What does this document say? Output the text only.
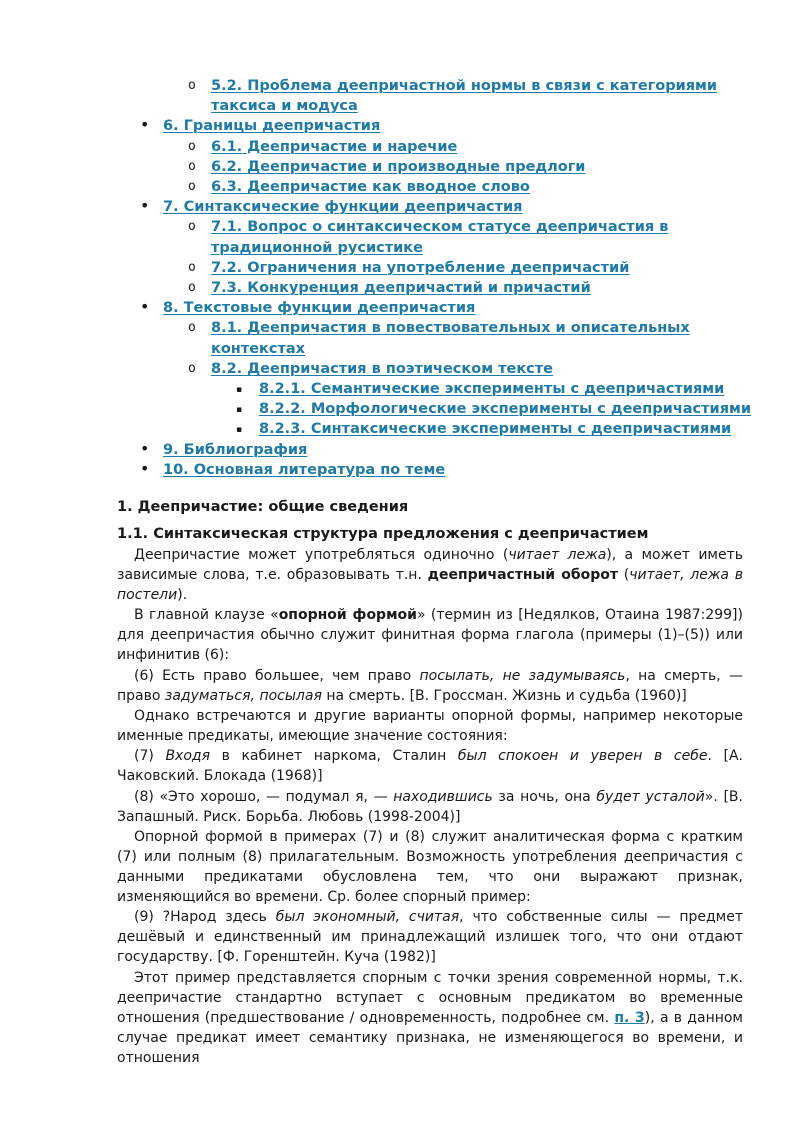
o 5.2. Проблема деепричастной нормы в связи с категориями
таксиса и модуса
• 6. Границы деепричастия
o 6.1. Деепричастие и наречие
o 6.2. Деепричастие и производные предлоги
o 6.3. Деепричастие как вводное слово
• 7. Синтаксические функции деепричастия
o 7.1. Вопрос о синтаксическом статусе деепричастия в
традиционной русистике
o 7.2. Ограничения на употребление деепричастий
o 7.3. Конкуренция деепричастий и причастий
• 8. Текстовые функции деепричастия
o 8.1. Деепричастия в повествовательных и описательных
контекстах
o 8.2. Деепричастия в поэтическом тексте
▪ 8.2.1. Семантические эксперименты с деепричастиями
▪ 8.2.2. Морфологические эксперименты с деепричастиями
▪ 8.2.3. Синтаксические эксперименты с деепричастиями
• 9. Библиография
• 10. Основная литература по теме
1. Деепричастие: общие сведения
1.1. Синтаксическая структура предложения с деепричастием

Деепричастие может употребляться одиночно (читает лежа), а может иметь зависимые слова, т.е. образовывать т.н. деепричастный оборот (читает, лежа в постели).

В главной клаузе «опорной формой» (термин из [Недялков, Отаина 1987:299]) для деепричастия обычно служит финитная форма глагола (примеры (1)–(5)) или инфинитив (6):

(6) Есть право большее, чем право посылать, не задумываясь, на смерть, — право задуматься, посылая на смерть. [В. Гроссман. Жизнь и судьба (1960)]

Однако встречаются и другие варианты опорной формы, например некоторые именные предикаты, имеющие значение состояния:

(7) Входя в кабинет наркома, Сталин был спокоен и уверен в себе. [А. Чаковский. Блокада (1968)]

(8) «Это хорошо, — подумал я, — находившись за ночь, она будет усталой». [В. Запашный. Риск. Борьба. Любовь (1998-2004)]

Опорной формой в примерах (7) и (8) служит аналитическая форма с кратким (7) или полным (8) прилагательным. Возможность употребления деепричастия с данными предикатами обусловлена тем, что они выражают признак, изменяющийся во времени. Ср. более спорный пример:

(9) ?Народ здесь был экономный, считая, что собственные силы — предмет дешёвый и единственный им принадлежащий излишек того, что они отдают государству. [Ф. Горенштейн. Куча (1982)]

Этот пример представляется спорным с точки зрения современной нормы, т.к. деепричастие стандартно вступает с основным предикатом во временные отношения (предшествование / одновременность, подробнее см. п. 3), а в данном случае предикат имеет семантику признака, не изменяющегося во времени, и отношения
